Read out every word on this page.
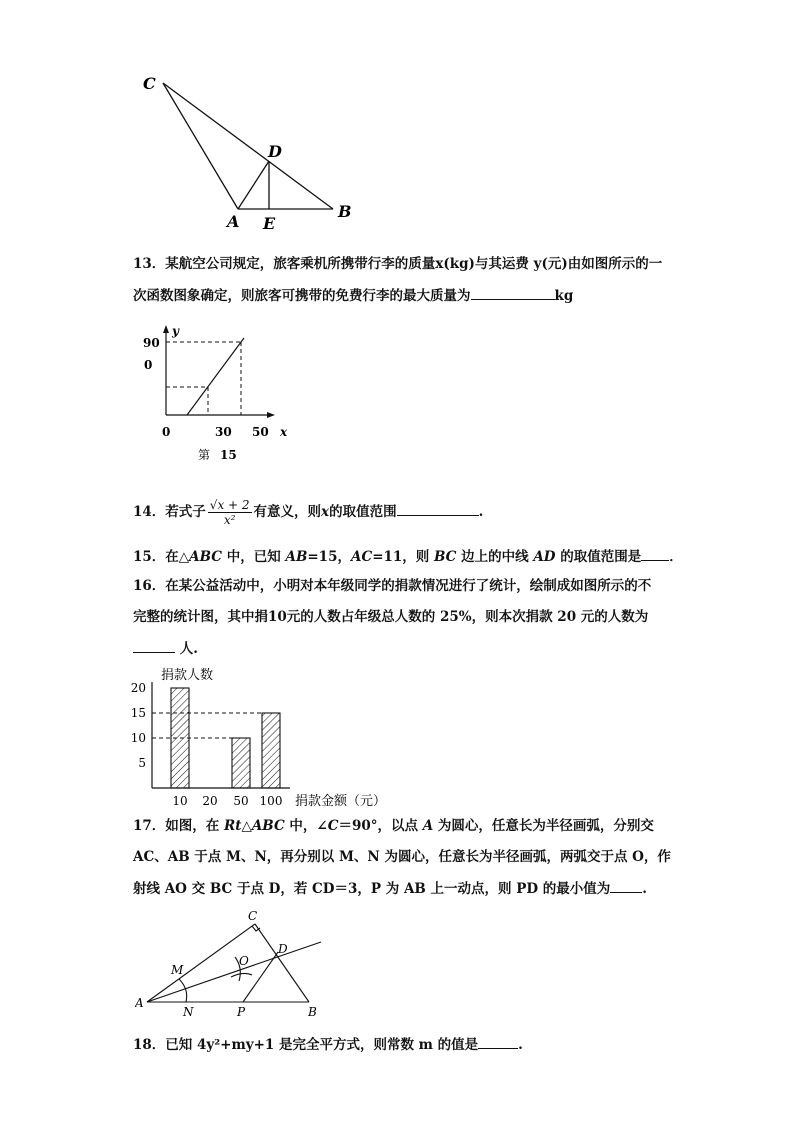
C
D
A E
B
13．某航空公司规定，旅客乘机所携带行李的质量x(kg)与其运费 y(元)由如图所示的一
次函数图象确定，则旅客可携带的免费行李的最大质量为	kg
y
90
0
0	30 50 x
第 15
14．若式子 $\frac{√x + 2}{\text{x²}}$ 有意义，则x的取值范围	.
15．在△ABC 中，已知 AB=15，AC=11，则 BC 边上的中线 AD 的取值范围是 ．
16．在某公益活动中，小明对本年级同学的捐款情况进行了统计，绘制成如图所示的不
完整的统计图，其中捐10元的人数占年级总人数的 25%，则本次捐款 20 元的人数为
人.
捐款人数
捐款金额（元）
5
10
15
20
10 20 50 100
17．如图，在 Rt△ABC 中，∠C＝90°，以点 A 为圆心，任意长为半径画弧，分别交
AC、AB 于点 M、N，再分别以 M、N 为圆心，任意长为半径画弧，两弧交于点 O，作
射线 AO 交 BC 于点 D，若 CD＝3，P 为 AB 上一动点，则 PD 的最小值为 .
A
C
D
M
O
N	P	B
18．已知 4y²+my+1 是完全平方式，则常数 m 的值是	.
